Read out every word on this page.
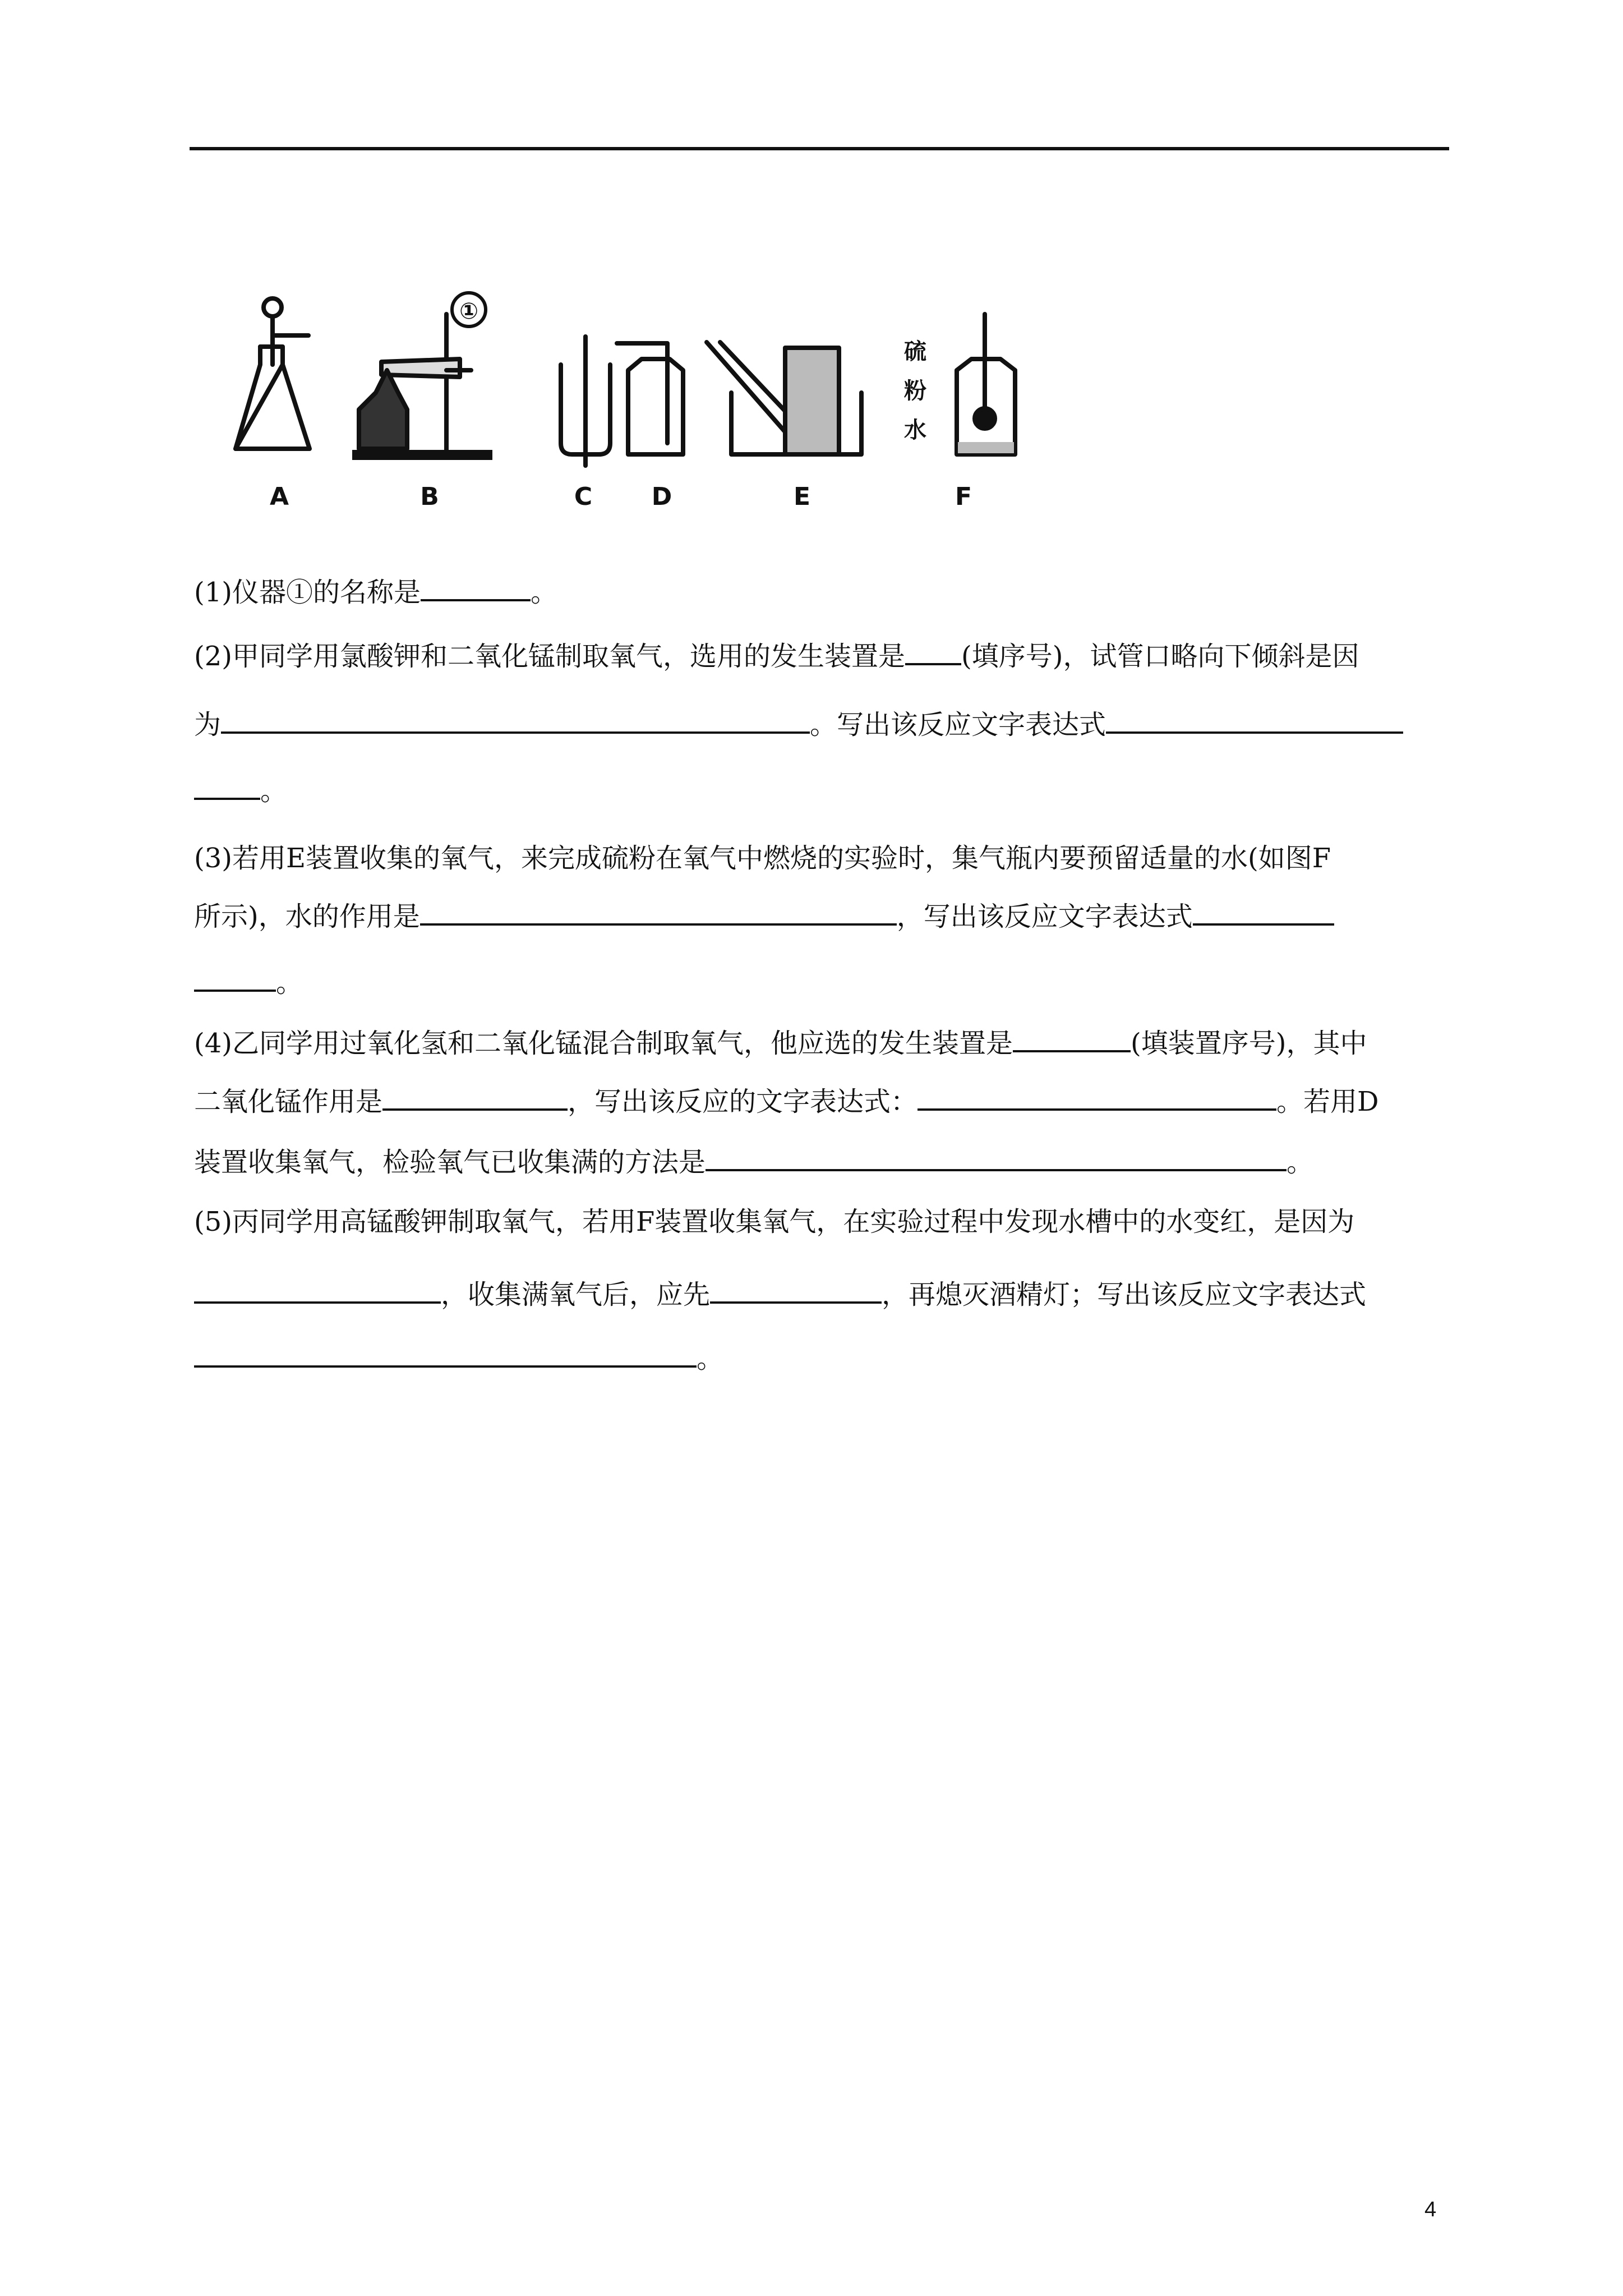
A	B	C D	E	F
①
硫
粉
水
(1)仪器①的名称是	。
(2)甲同学用氯酸钾和二氧化锰制取氧气，选用的发生装置是 (填序号)，试管口略向下倾斜是因
为	。写出该反应文字表达式
。
(3)若用E装置收集的氧气，来完成硫粉在氧气中燃烧的实验时，集气瓶内要预留适量的水(如图F
所示)，水的作用是	，写出该反应文字表达式
。
(4)乙同学用过氧化氢和二氧化锰混合制取氧气，他应选的发生装置是	(填装置序号)，其中
二氧化锰作用是	，写出该反应的文字表达式：	。若用D
装置收集氧气，检验氧气已收集满的方法是	。
(5)丙同学用高锰酸钾制取氧气，若用F装置收集氧气，在实验过程中发现水槽中的水变红，是因为
，收集满氧气后，应先	，再熄灭酒精灯；写出该反应文字表达式
。
4
